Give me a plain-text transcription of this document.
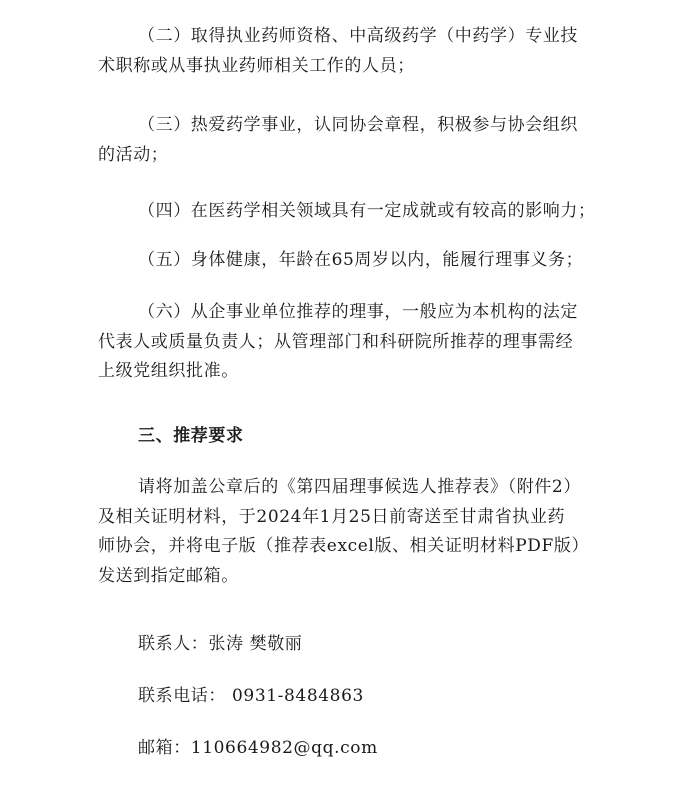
（二）取得执业药师资格、中高级药学（中药学）专业技
术职称或从事执业药师相关工作的人员；

（三）热爱药学事业，认同协会章程，积极参与协会组织
的活动；

（四）在医药学相关领域具有一定成就或有较高的影响力；

（五）身体健康，年龄在65周岁以内，能履行理事义务；

（六）从企事业单位推荐的理事，一般应为本机构的法定
代表人或质量负责人；从管理部门和科研院所推荐的理事需经
上级党组织批准。

三、推荐要求

请将加盖公章后的《第四届理事候选人推荐表》（附件2）
及相关证明材料，于2024年1月25日前寄送至甘肃省执业药
师协会，并将电子版（推荐表excel版、相关证明材料PDF版）
发送到指定邮箱。

联系人：张涛 樊敬丽

联系电话： 0931-8484863

邮箱：110664982@qq.com
